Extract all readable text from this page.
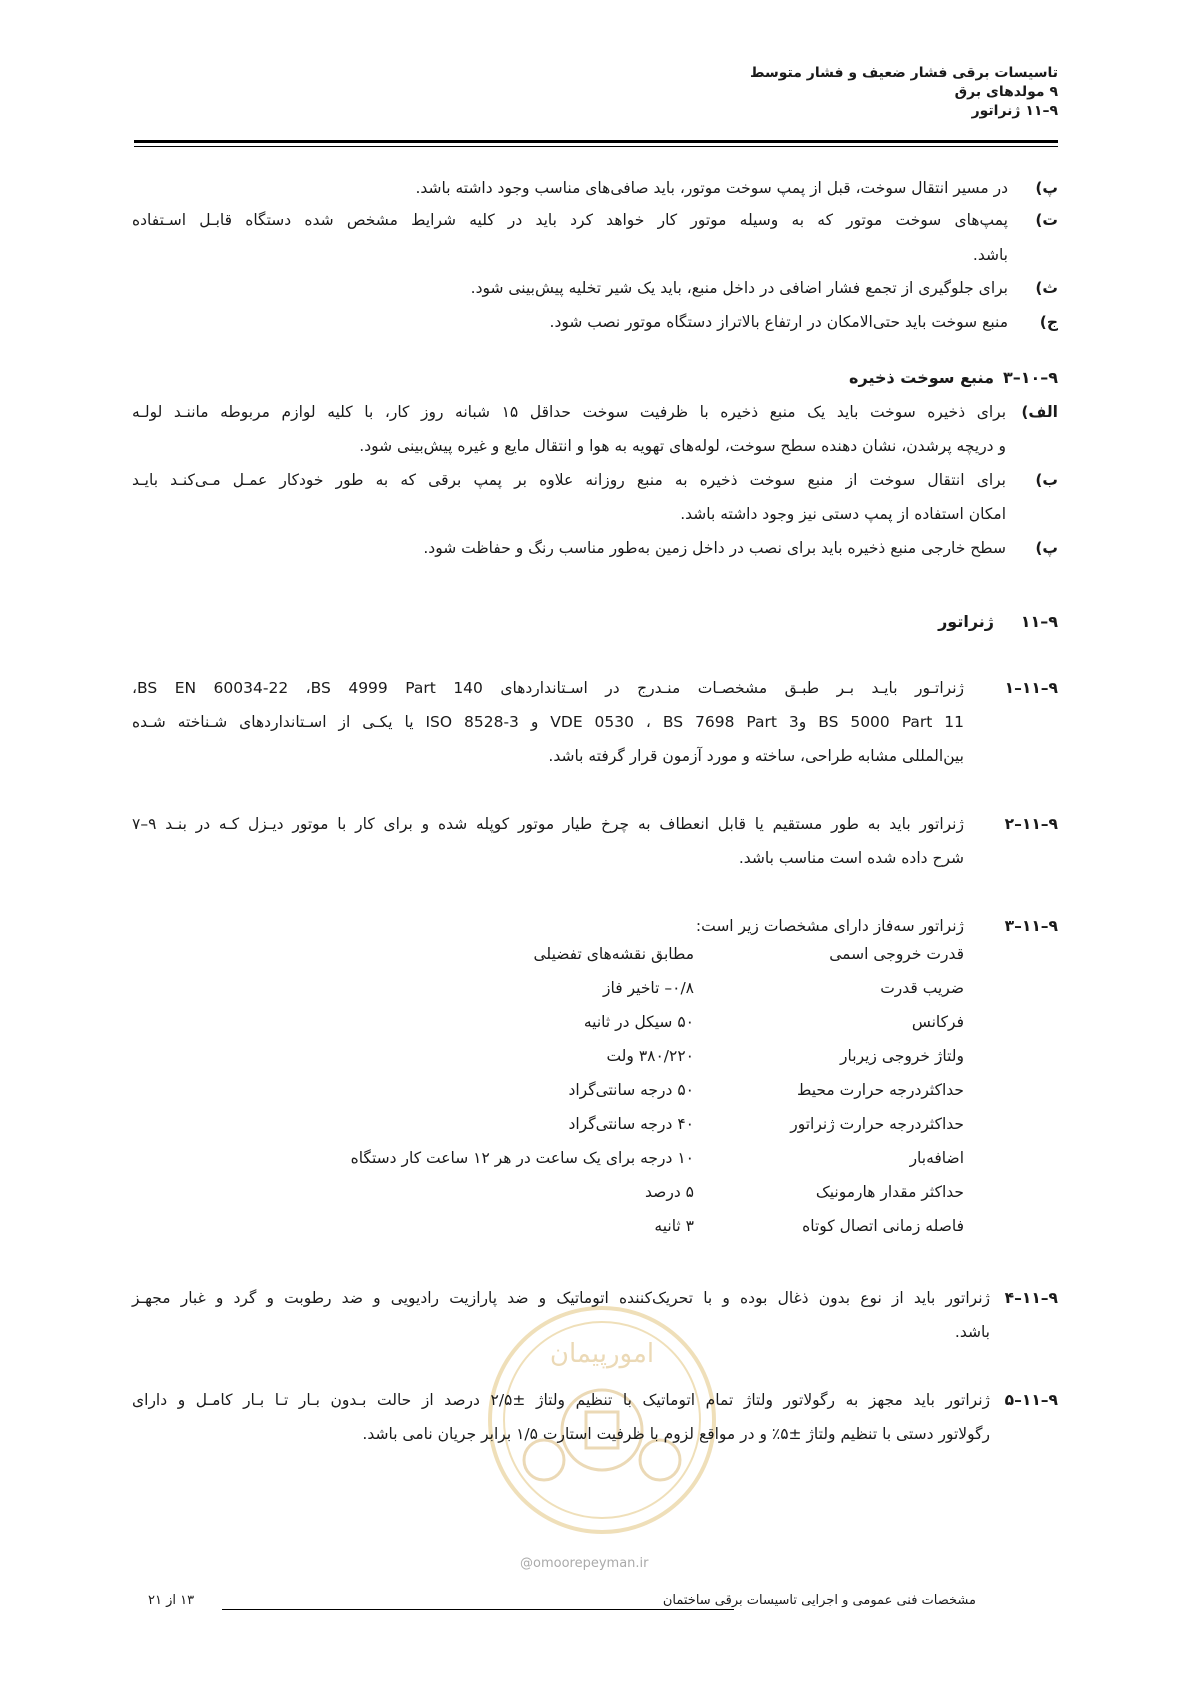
تاسیسات برقی فشار ضعیف و فشار متوسط
۹ مولدهای برق
۹–۱۱ ژنراتور
پ)
در مسیر انتقال سوخت، قبل از پمپ سوخت موتور، باید صافی‌های مناسب وجود داشته باشد.
ت)
پمپ‌های سوخت موتور که به وسیله موتور کار خواهد کرد باید در کلیه شرایط مشخص شده دستگاه قابـل اسـتفاده
باشد.
ث)
برای جلوگیری از تجمع فشار اضافی در داخل منبع، باید یک شیر تخلیه پیش‌بینی شود.
ج)
منبع سوخت باید حتی‌الامکان در ارتفاع بالاتراز دستگاه موتور نصب شود.
۹–۱۰–۳
منبع سوخت ذخیره
الف)
برای ذخیره سوخت باید یک منبع ذخیره با ظرفیت سوخت حداقل ۱۵ شبانه روز کار، با کلیه لوازم مربوطه ماننـد لولـه
و دریچه پرشدن، نشان دهنده سطح سوخت، لوله‌های تهویه به هوا و انتقال مایع و غیره پیش‌بینی شود.
ب)
برای انتقال سوخت از منبع سوخت ذخیره به منبع روزانه علاوه بر پمپ برقی که به طور خودکار عمـل مـی‌کنـد بایـد
امکان استفاده از پمپ دستی نیز وجود داشته باشد.
پ)
سطح خارجی منبع ذخیره باید برای نصب در داخل زمین به‌طور مناسب رنگ و حفاظت شود.
۹–۱۱
ژنراتور
۹–۱۱–۱
ژنراتـور بایـد بـر طبـق مشخصـات منـدرج در اسـتانداردهای BS EN 60034-22 ،BS 4999 Part 140،
BS 5000 Part 11 وVDE 0530 ، BS 7698 Part 3 و ISO 8528-3 یا یکـی از اسـتانداردهای شـناخته شـده
بین‌المللی مشابه طراحی، ساخته و مورد آزمون قرار گرفته باشد.
۹–۱۱–۲
ژنراتور باید به طور مستقیم یا قابل انعطاف به چرخ طیار موتور کوپله شده و برای کار با موتور دیـزل کـه در بنـد ۹–۷
شرح داده شده است مناسب باشد.
۹–۱۱–۳
ژنراتور سه‌فاز دارای مشخصات زیر است:
قدرت خروجی اسمی
مطابق نقشه‌های تفضیلی
ضریب قدرت
۰/۸– تاخیر فاز
فرکانس
۵۰ سیکل در ثانیه
ولتاژ خروجی زیربار
۳۸۰/۲۲۰ ولت
حداکثردرجه حرارت محیط
۵۰ درجه سانتی‌گراد
حداکثردرجه حرارت ژنراتور
۴۰ درجه سانتی‌گراد
اضافه‌بار
۱۰ درجه برای یک ساعت در هر ۱۲ ساعت کار دستگاه
حداکثر مقدار هارمونیک
۵ درصد
فاصله زمانی اتصال کوتاه
۳ ثانیه
امورپیمان
@omoorepeyman.ir
۹–۱۱–۴
ژنراتور باید از نوع بدون ذغال بوده و با تحریک‌کننده اتوماتیک و ضد پارازیت رادیویی و ضد رطوبت و گرد و غبار مجهـز
باشد.
۹–۱۱–۵
ژنراتور باید مجهز به رگولاتور ولتاژ تمام اتوماتیک با تنظیم ولتاژ ±۲/۵ درصد از حالت بـدون بـار تـا بـار کامـل و دارای
رگولاتور دستی با تنظیم ولتاژ ±۵٪ و در مواقع لزوم با ظرفیت استارت ۱/۵ برابر جریان نامی باشد.
مشخصات فنی عمومی و اجرایی تاسیسات برقی ساختمان
۱۳ از ۲۱
